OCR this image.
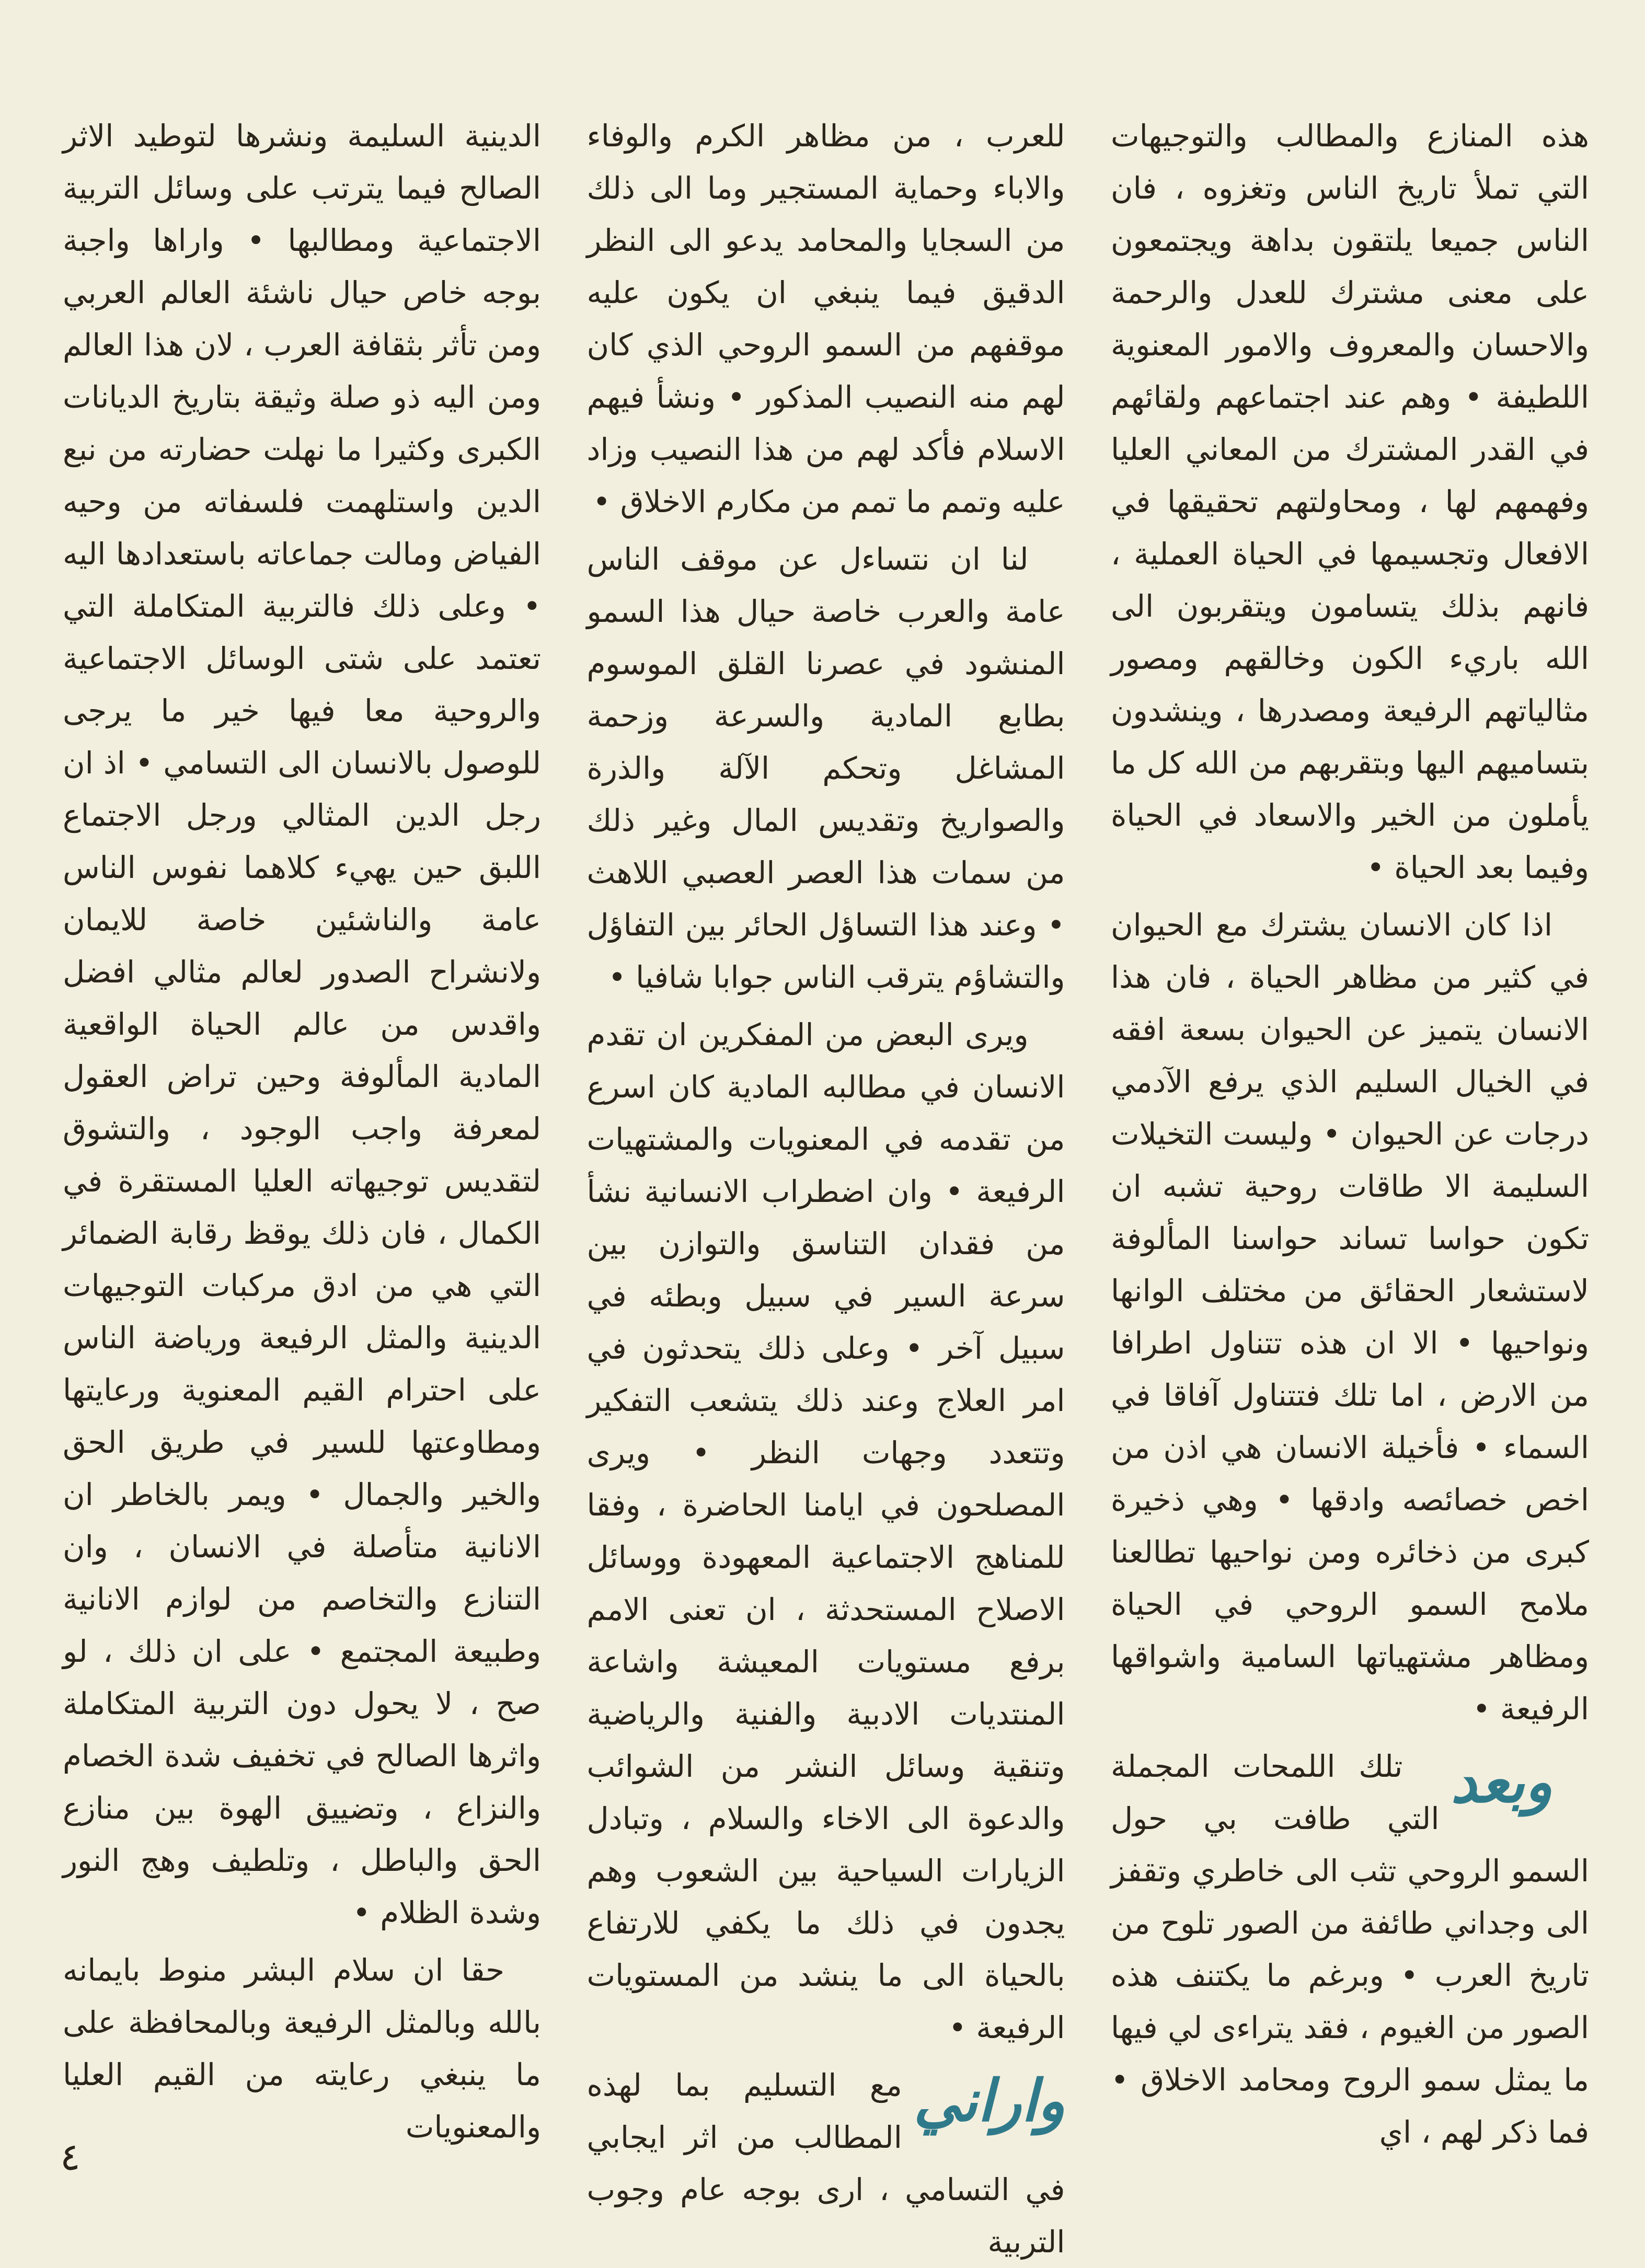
هذه المنازع والمطالب والتوجيهات التي تملأ تاريخ الناس وتغزوه ، فان الناس جميعا يلتقون بداهة ويجتمعون على معنى مشترك للعدل والرحمة والاحسان والمعروف والامور المعنوية اللطيفة • وهم عند اجتماعهم ولقائهم في القدر المشترك من المعاني العليا وفهمهم لها ، ومحاولتهم تحقيقها في الافعال وتجسيمها في الحياة العملية ، فانهم بذلك يتسامون ويتقربون الى الله باريء الكون وخالقهم ومصور مثالياتهم الرفيعة ومصدرها ، وينشدون بتساميهم اليها وبتقربهم من الله كل ما يأملون من الخير والاسعاد في الحياة وفيما بعد الحياة •

اذا كان الانسان يشترك مع الحيوان في كثير من مظاهر الحياة ، فان هذا الانسان يتميز عن الحيوان بسعة افقه في الخيال السليم الذي يرفع الآدمي درجات عن الحيوان • وليست التخيلات السليمة الا طاقات روحية تشبه ان تكون حواسا تساند حواسنا المألوفة لاستشعار الحقائق من مختلف الوانها ونواحيها • الا ان هذه تتناول اطرافا من الارض ، اما تلك فتتناول آفاقا في السماء • فأخيلة الانسان هي اذن من اخص خصائصه وادقها • وهي ذخيرة كبرى من ذخائره ومن نواحيها تطالعنا ملامح السمو الروحي في الحياة ومظاهر مشتهياتها السامية واشواقها الرفيعة •

وبعد
تلك اللمحات المجملة التي طافت بي حول السمو الروحي تثب الى خاطري وتقفز الى وجداني طائفة من الصور تلوح من تاريخ العرب • وبرغم ما يكتنف هذه الصور من الغيوم ، فقد يتراءى لي فيها ما يمثل سمو الروح ومحامد الاخلاق • فما ذكر لهم ، اي

للعرب ، من مظاهر الكرم والوفاء والاباء وحماية المستجير وما الى ذلك من السجايا والمحامد يدعو الى النظر الدقيق فيما ينبغي ان يكون عليه موقفهم من السمو الروحي الذي كان لهم منه النصيب المذكور • ونشأ فيهم الاسلام فأكد لهم من هذا النصيب وزاد عليه وتمم ما تمم من مكارم الاخلاق •

لنا ان نتساءل عن موقف الناس عامة والعرب خاصة حيال هذا السمو المنشود في عصرنا القلق الموسوم بطابع المادية والسرعة وزحمة المشاغل وتحكم الآلة والذرة والصواريخ وتقديس المال وغير ذلك من سمات هذا العصر العصبي اللاهث • وعند هذا التساؤل الحائر بين التفاؤل والتشاؤم يترقب الناس جوابا شافيا •

ويرى البعض من المفكرين ان تقدم الانسان في مطالبه المادية كان اسرع من تقدمه في المعنويات والمشتهيات الرفيعة • وان اضطراب الانسانية نشأ من فقدان التناسق والتوازن بين سرعة السير في سبيل وبطئه في سبيل آخر • وعلى ذلك يتحدثون في امر العلاج وعند ذلك يتشعب التفكير وتتعدد وجهات النظر • ويرى المصلحون في ايامنا الحاضرة ، وفقا للمناهج الاجتماعية المعهودة ووسائل الاصلاح المستحدثة ، ان تعنى الامم برفع مستويات المعيشة واشاعة المنتديات الادبية والفنية والرياضية وتنقية وسائل النشر من الشوائب والدعوة الى الاخاء والسلام ، وتبادل الزيارات السياحية بين الشعوب وهم يجدون في ذلك ما يكفي للارتفاع بالحياة الى ما ينشد من المستويات الرفيعة •

واراني
مع التسليم بما لهذه المطالب من اثر ايجابي في التسامي ، ارى بوجه عام وجوب التربية

الدينية السليمة ونشرها لتوطيد الاثر الصالح فيما يترتب على وسائل التربية الاجتماعية ومطالبها • واراها واجبة بوجه خاص حيال ناشئة العالم العربي ومن تأثر بثقافة العرب ، لان هذا العالم ومن اليه ذو صلة وثيقة بتاريخ الديانات الكبرى وكثيرا ما نهلت حضارته من نبع الدين واستلهمت فلسفاته من وحيه الفياض ومالت جماعاته باستعدادها اليه • وعلى ذلك فالتربية المتكاملة التي تعتمد على شتى الوسائل الاجتماعية والروحية معا فيها خير ما يرجى للوصول بالانسان الى التسامي • اذ ان رجل الدين المثالي ورجل الاجتماع اللبق حين يهيء كلاهما نفوس الناس عامة والناشئين خاصة للايمان ولانشراح الصدور لعالم مثالي افضل واقدس من عالم الحياة الواقعية المادية المألوفة وحين تراض العقول لمعرفة واجب الوجود ، والتشوق لتقديس توجيهاته العليا المستقرة في الكمال ، فان ذلك يوقظ رقابة الضمائر التي هي من ادق مركبات التوجيهات الدينية والمثل الرفيعة ورياضة الناس على احترام القيم المعنوية ورعايتها ومطاوعتها للسير في طريق الحق والخير والجمال • ويمر بالخاطر ان الانانية متأصلة في الانسان ، وان التنازع والتخاصم من لوازم الانانية وطبيعة المجتمع • على ان ذلك ، لو صح ، لا يحول دون التربية المتكاملة واثرها الصالح في تخفيف شدة الخصام والنزاع ، وتضييق الهوة بين منازع الحق والباطل ، وتلطيف وهج النور وشدة الظلام •

حقا ان سلام البشر منوط بايمانه بالله وبالمثل الرفيعة وبالمحافظة على ما ينبغي رعايته من القيم العليا والمعنويات

٤
